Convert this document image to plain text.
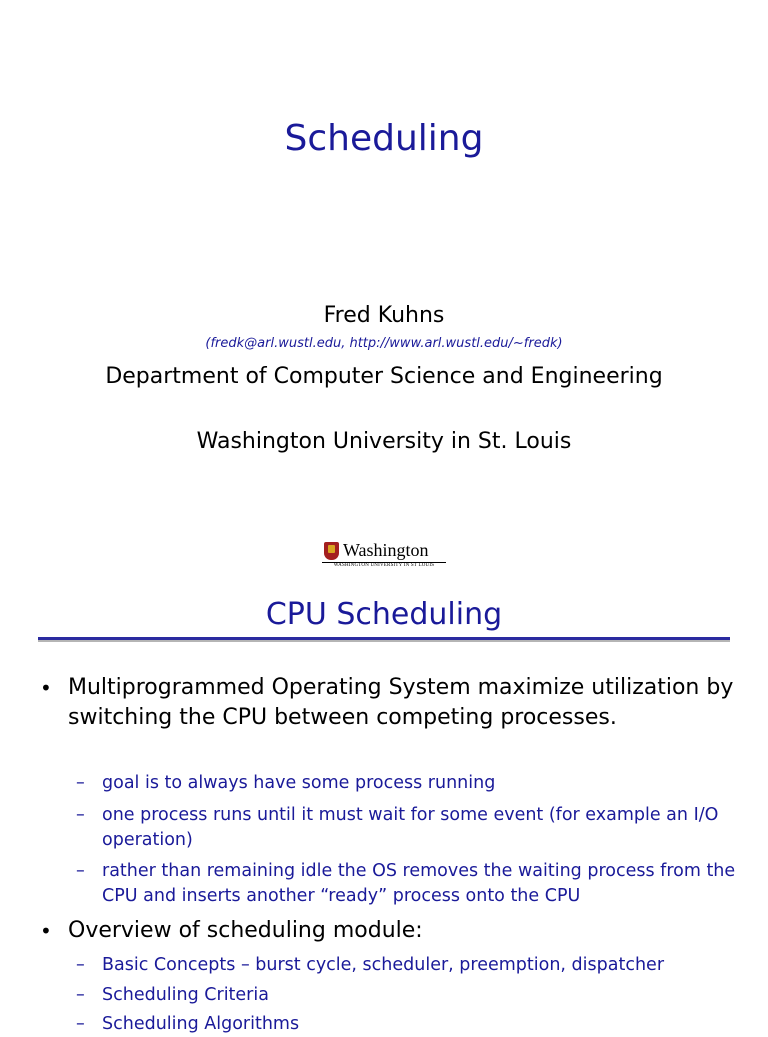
Scheduling
Fred Kuhns
(fredk@arl.wustl.edu, http://www.arl.wustl.edu/~fredk)
Department of Computer Science and Engineering
Washington University in St. Louis
Washington
WASHINGTON UNIVERSITY IN ST LOUIS
CPU Scheduling
• Multiprogrammed Operating System maximize utilization by switching the CPU between competing processes.
– goal is to always have some process running
– one process runs until it must wait for some event (for example an I/O operation)
– rather than remaining idle the OS removes the waiting process from the CPU and inserts another “ready” process onto the CPU
• Overview of scheduling module:
– Basic Concepts – burst cycle, scheduler, preemption, dispatcher
– Scheduling Criteria
– Scheduling Algorithms
